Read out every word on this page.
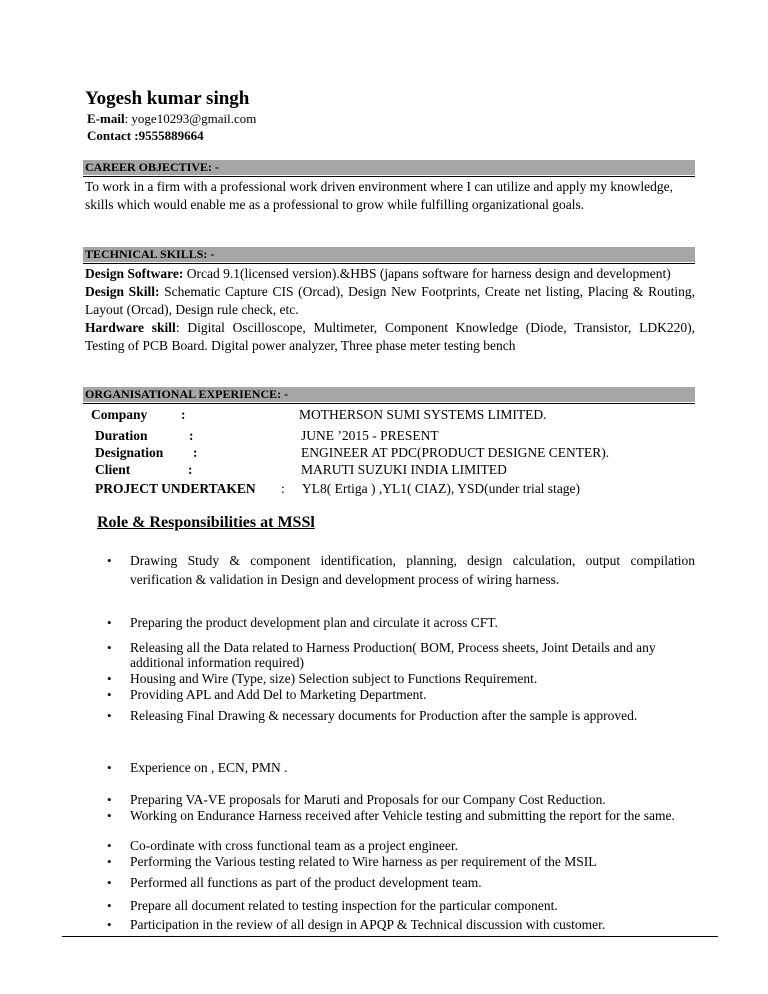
Yogesh kumar singh
E-mail: yoge10293@gmail.com
Contact :9555889664
CAREER OBJECTIVE: -
To work in a firm with a professional work driven environment where I can utilize and apply my knowledge, skills which would enable me as a professional to grow while fulfilling organizational goals.
TECHNICAL SKILLS: -
Design Software: Orcad 9.1(licensed version).&HBS (japans software for harness design and development)
Design Skill: Schematic Capture CIS (Orcad), Design New Footprints, Create net listing, Placing & Routing, Layout (Orcad), Design rule check, etc.
Hardware skill: Digital Oscilloscope, Multimeter, Component Knowledge (Diode, Transistor, LDK220), Testing of PCB Board. Digital power analyzer, Three phase meter testing bench
ORGANISATIONAL EXPERIENCE: -
Company :	MOTHERSON SUMI SYSTEMS LIMITED.
Duration	:	JUNE ’2015 - PRESENT
Designation :	ENGINEER AT PDC(PRODUCT DESIGNE CENTER).
Client	:	MARUTI SUZUKI INDIA LIMITED
PROJECT UNDERTAKEN : YL8( Ertiga ) ,YL1( CIAZ), YSD(under trial stage)
Role & Responsibilities at MSSl
• Drawing Study & component identification, planning, design calculation, output compilation verification & validation in Design and development process of wiring harness.
• Preparing the product development plan and circulate it across CFT.
• Releasing all the Data related to Harness Production( BOM, Process sheets, Joint Details and any additional information required)
• Housing and Wire (Type, size) Selection subject to Functions Requirement.
• Providing APL and Add Del to Marketing Department.
• Releasing Final Drawing & necessary documents for Production after the sample is approved.
• Experience on , ECN, PMN .
• Preparing VA-VE proposals for Maruti and Proposals for our Company Cost Reduction.
• Working on Endurance Harness received after Vehicle testing and submitting the report for the same.
• Co-ordinate with cross functional team as a project engineer.
• Performing the Various testing related to Wire harness as per requirement of the MSIL
• Performed all functions as part of the product development team.
• Prepare all document related to testing inspection for the particular component.
• Participation in the review of all design in APQP & Technical discussion with customer.
